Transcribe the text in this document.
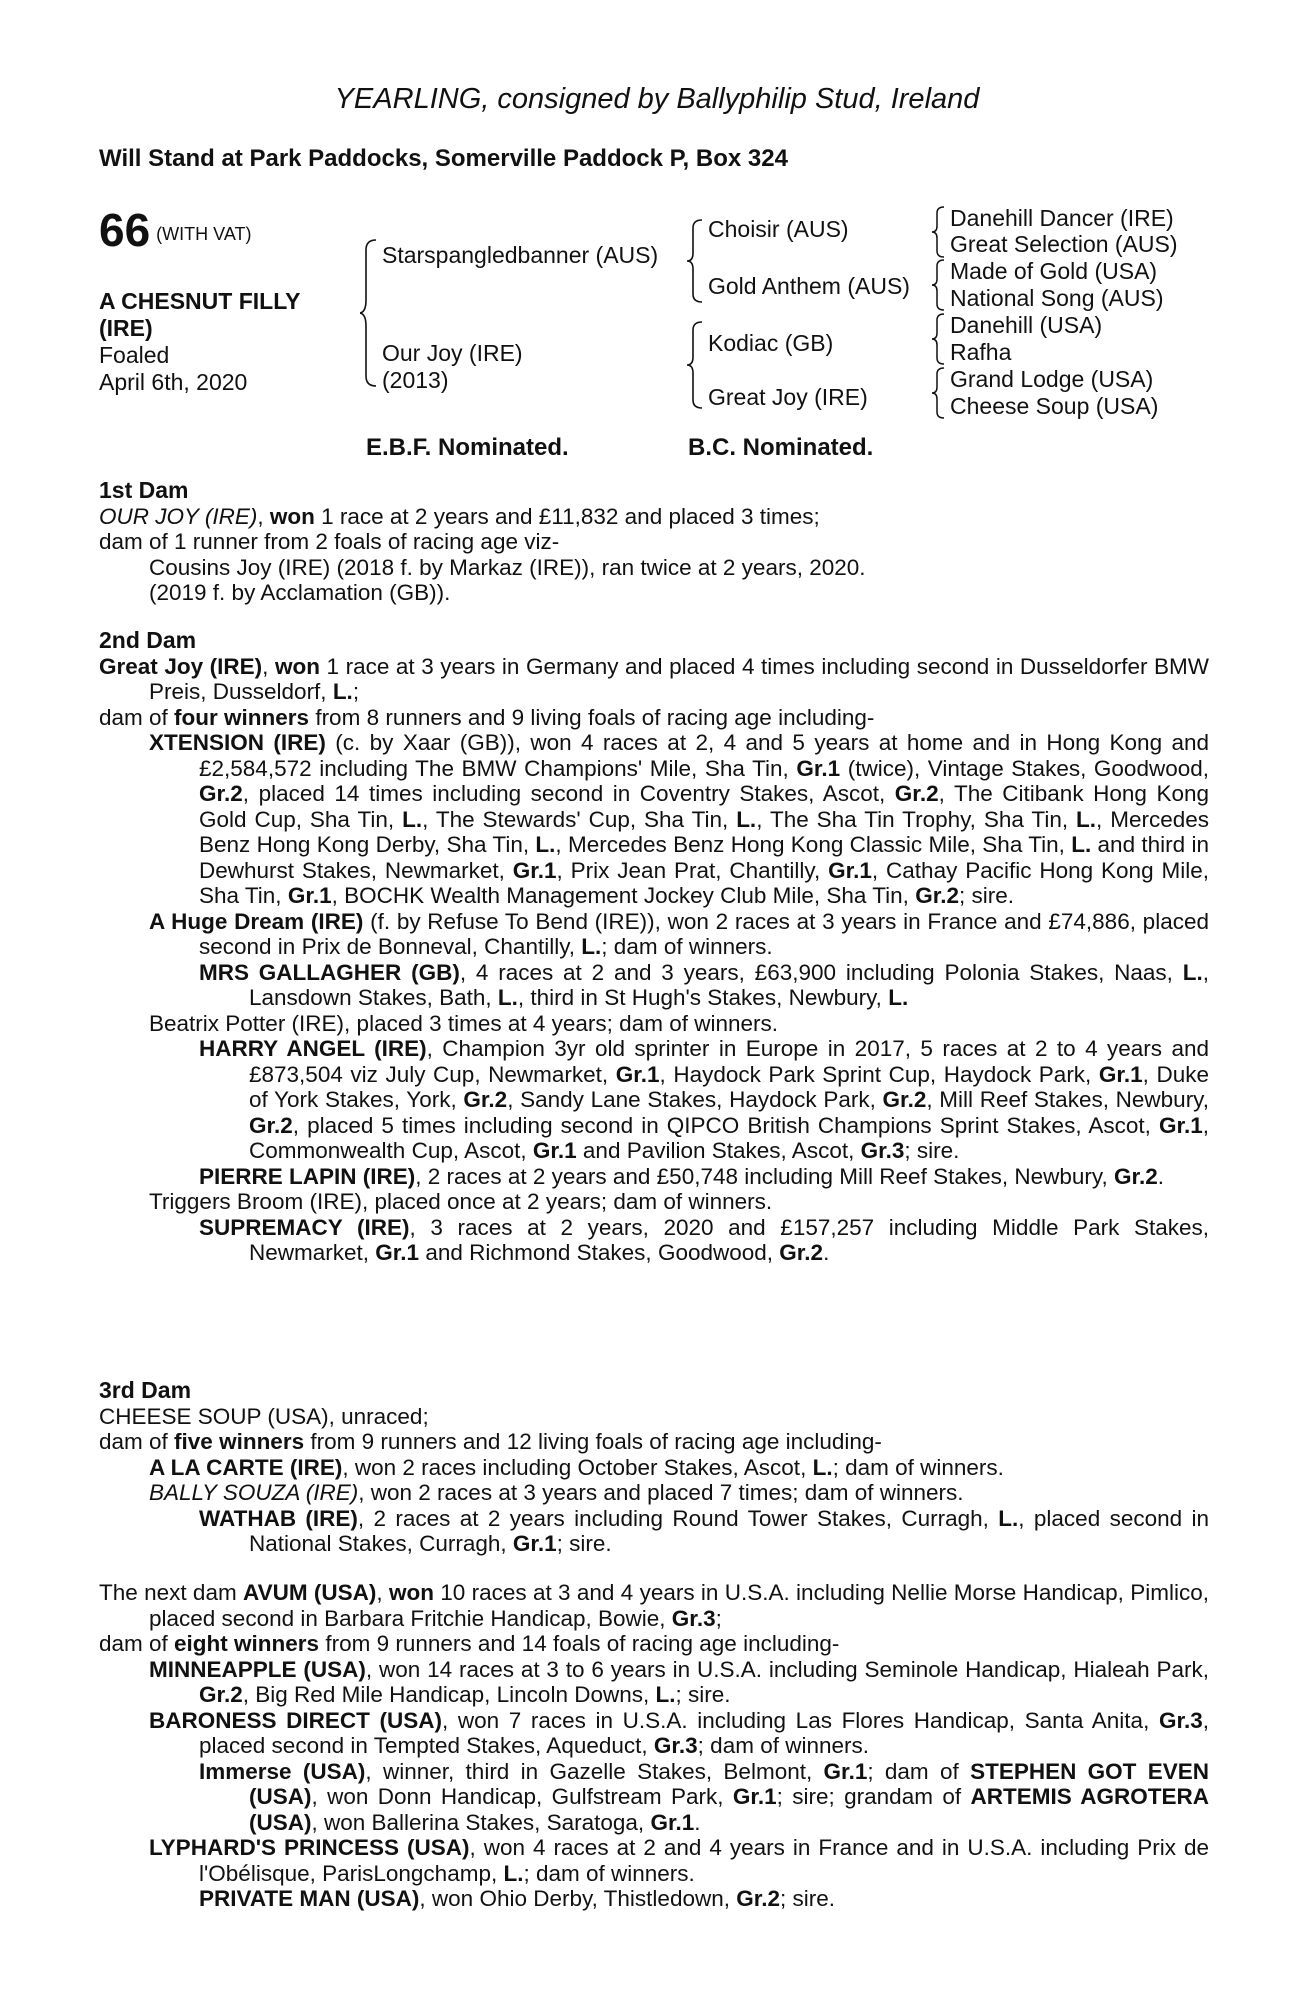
YEARLING, consigned by Ballyphilip Stud, Ireland
Will Stand at Park Paddocks, Somerville Paddock P, Box 324
66 (WITH VAT)
A CHESNUT FILLY
(IRE)
Foaled
April 6th, 2020
Starspangledbanner (AUS)
Our Joy (IRE)
(2013)
Choisir (AUS)
Gold Anthem (AUS)
Kodiac (GB)
Great Joy (IRE)
Danehill Dancer (IRE)
Great Selection (AUS)
Made of Gold (USA)
National Song (AUS)
Danehill (USA)
Rafha
Grand Lodge (USA)
Cheese Soup (USA)
E.B.F. Nominated.	B.C. Nominated.

1st Dam

OUR JOY (IRE), won 1 race at 2 years and £11,832 and placed 3 times;

dam of 1 runner from 2 foals of racing age viz-

Cousins Joy (IRE) (2018 f. by Markaz (IRE)), ran twice at 2 years, 2020.

(2019 f. by Acclamation (GB)).

2nd Dam

Great Joy (IRE), won 1 race at 3 years in Germany and placed 4 times including second in Dusseldorfer BMW Preis, Dusseldorf, L.;

dam of four winners from 8 runners and 9 living foals of racing age including-

XTENSION (IRE) (c. by Xaar (GB)), won 4 races at 2, 4 and 5 years at home and in Hong Kong and £2,584,572 including The BMW Champions' Mile, Sha Tin, Gr.1 (twice), Vintage Stakes, Goodwood, Gr.2, placed 14 times including second in Coventry Stakes, Ascot, Gr.2, The Citibank Hong Kong Gold Cup, Sha Tin, L., The Stewards' Cup, Sha Tin, L., The Sha Tin Trophy, Sha Tin, L., Mercedes Benz Hong Kong Derby, Sha Tin, L., Mercedes Benz Hong Kong Classic Mile, Sha Tin, L. and third in Dewhurst Stakes, Newmarket, Gr.1, Prix Jean Prat, Chantilly, Gr.1, Cathay Pacific Hong Kong Mile, Sha Tin, Gr.1, BOCHK Wealth Management Jockey Club Mile, Sha Tin, Gr.2; sire.

A Huge Dream (IRE) (f. by Refuse To Bend (IRE)), won 2 races at 3 years in France and £74,886, placed second in Prix de Bonneval, Chantilly, L.; dam of winners.

MRS GALLAGHER (GB), 4 races at 2 and 3 years, £63,900 including Polonia Stakes, Naas, L., Lansdown Stakes, Bath, L., third in St Hugh's Stakes, Newbury, L.

Beatrix Potter (IRE), placed 3 times at 4 years; dam of winners.

HARRY ANGEL (IRE), Champion 3yr old sprinter in Europe in 2017, 5 races at 2 to 4 years and £873,504 viz July Cup, Newmarket, Gr.1, Haydock Park Sprint Cup, Haydock Park, Gr.1, Duke of York Stakes, York, Gr.2, Sandy Lane Stakes, Haydock Park, Gr.2, Mill Reef Stakes, Newbury, Gr.2, placed 5 times including second in QIPCO British Champions Sprint Stakes, Ascot, Gr.1, Commonwealth Cup, Ascot, Gr.1 and Pavilion Stakes, Ascot, Gr.3; sire.

PIERRE LAPIN (IRE), 2 races at 2 years and £50,748 including Mill Reef Stakes, Newbury, Gr.2.

Triggers Broom (IRE), placed once at 2 years; dam of winners.

SUPREMACY (IRE), 3 races at 2 years, 2020 and £157,257 including Middle Park Stakes, Newmarket, Gr.1 and Richmond Stakes, Goodwood, Gr.2.

3rd Dam

CHEESE SOUP (USA), unraced;

dam of five winners from 9 runners and 12 living foals of racing age including-

A LA CARTE (IRE), won 2 races including October Stakes, Ascot, L.; dam of winners.

BALLY SOUZA (IRE), won 2 races at 3 years and placed 7 times; dam of winners.

WATHAB (IRE), 2 races at 2 years including Round Tower Stakes, Curragh, L., placed second in National Stakes, Curragh, Gr.1; sire.

The next dam AVUM (USA), won 10 races at 3 and 4 years in U.S.A. including Nellie Morse Handicap, Pimlico, placed second in Barbara Fritchie Handicap, Bowie, Gr.3;

dam of eight winners from 9 runners and 14 foals of racing age including-

MINNEAPPLE (USA), won 14 races at 3 to 6 years in U.S.A. including Seminole Handicap, Hialeah Park, Gr.2, Big Red Mile Handicap, Lincoln Downs, L.; sire.

BARONESS DIRECT (USA), won 7 races in U.S.A. including Las Flores Handicap, Santa Anita, Gr.3, placed second in Tempted Stakes, Aqueduct, Gr.3; dam of winners.

Immerse (USA), winner, third in Gazelle Stakes, Belmont, Gr.1; dam of STEPHEN GOT EVEN (USA), won Donn Handicap, Gulfstream Park, Gr.1; sire; grandam of ARTEMIS AGROTERA (USA), won Ballerina Stakes, Saratoga, Gr.1.

LYPHARD'S PRINCESS (USA), won 4 races at 2 and 4 years in France and in U.S.A. including Prix de l'Obélisque, ParisLongchamp, L.; dam of winners.

PRIVATE MAN (USA), won Ohio Derby, Thistledown, Gr.2; sire.
